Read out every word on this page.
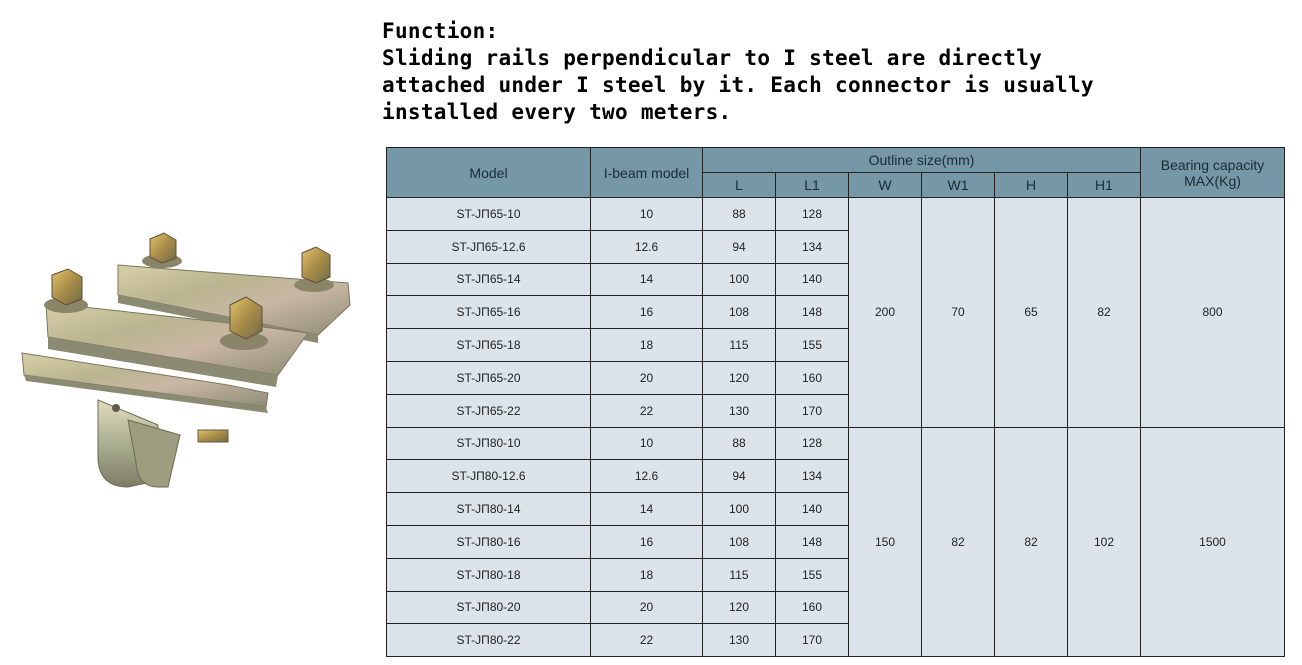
Function:
Sliding rails perpendicular to I steel are directly
attached under I steel by it. Each connector is usually
installed every two meters.
Model	I-beam model	Outline size(mm)						Bearing capacity MAX(Kg)
		L	L1	W	W1	H	H1	
ST-JΠ65-10	10	88	128	200	70	65	82	800
ST-JΠ65-12.6	12.6	94	134					
ST-JΠ65-14	14	100	140					
ST-JΠ65-16	16	108	148					
ST-JΠ65-18	18	115	155					
ST-JΠ65-20	20	120	160					
ST-JΠ65-22	22	130	170					
ST-JΠ80-10	10	88	128	150	82	82	102	1500
ST-JΠ80-12.6	12.6	94	134					
ST-JΠ80-14	14	100	140					
ST-JΠ80-16	16	108	148					
ST-JΠ80-18	18	115	155					
ST-JΠ80-20	20	120	160					
ST-JΠ80-22	22	130	170					
